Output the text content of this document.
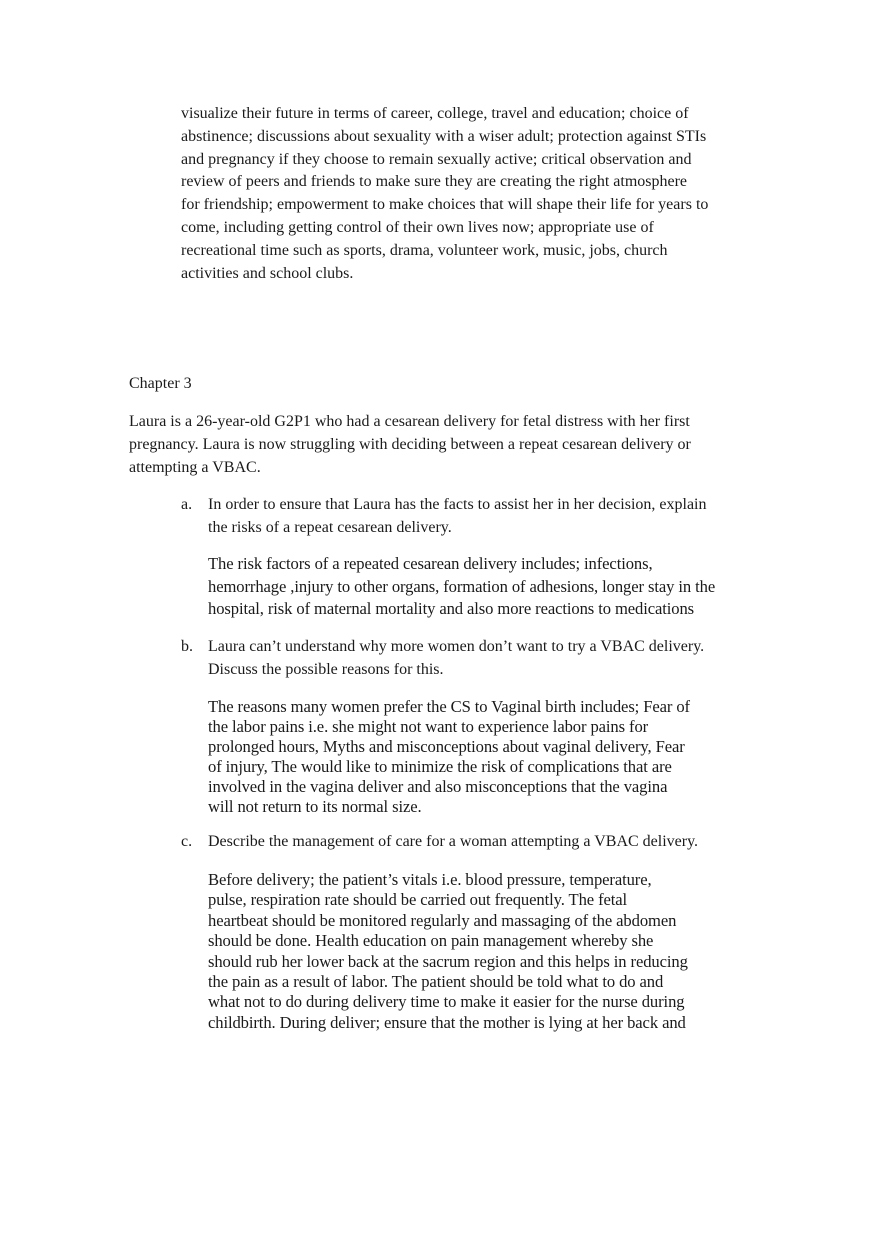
visualize their future in terms of career, college, travel and education; choice of
abstinence; discussions about sexuality with a wiser adult; protection against STIs
and pregnancy if they choose to remain sexually active; critical observation and
review of peers and friends to make sure they are creating the right atmosphere
for friendship; empowerment to make choices that will shape their life for years to
come, including getting control of their own lives now; appropriate use of
recreational time such as sports, drama, volunteer work, music, jobs, church
activities and school clubs.
Chapter 3
Laura is a 26-year-old G2P1 who had a cesarean delivery for fetal distress with her first
pregnancy. Laura is now struggling with deciding between a repeat cesarean delivery or
attempting a VBAC.
a. In order to ensure that Laura has the facts to assist her in her decision, explain
the risks of a repeat cesarean delivery.
The risk factors of a repeated cesarean delivery includes; infections,
hemorrhage ,injury to other organs, formation of adhesions, longer stay in the
hospital, risk of maternal mortality and also more reactions to medications
b. Laura can’t understand why more women don’t want to try a VBAC delivery.
Discuss the possible reasons for this.
The reasons many women prefer the CS to Vaginal birth includes; Fear of
the labor pains i.e. she might not want to experience labor pains for
prolonged hours, Myths and misconceptions about vaginal delivery, Fear
of injury, The would like to minimize the risk of complications that are
involved in the vagina deliver and also misconceptions that the vagina
will not return to its normal size.
c. Describe the management of care for a woman attempting a VBAC delivery.
Before delivery; the patient’s vitals i.e. blood pressure, temperature,
pulse, respiration rate should be carried out frequently. The fetal
heartbeat should be monitored regularly and massaging of the abdomen
should be done. Health education on pain management whereby she
should rub her lower back at the sacrum region and this helps in reducing
the pain as a result of labor. The patient should be told what to do and
what not to do during delivery time to make it easier for the nurse during
childbirth. During deliver; ensure that the mother is lying at her back and
